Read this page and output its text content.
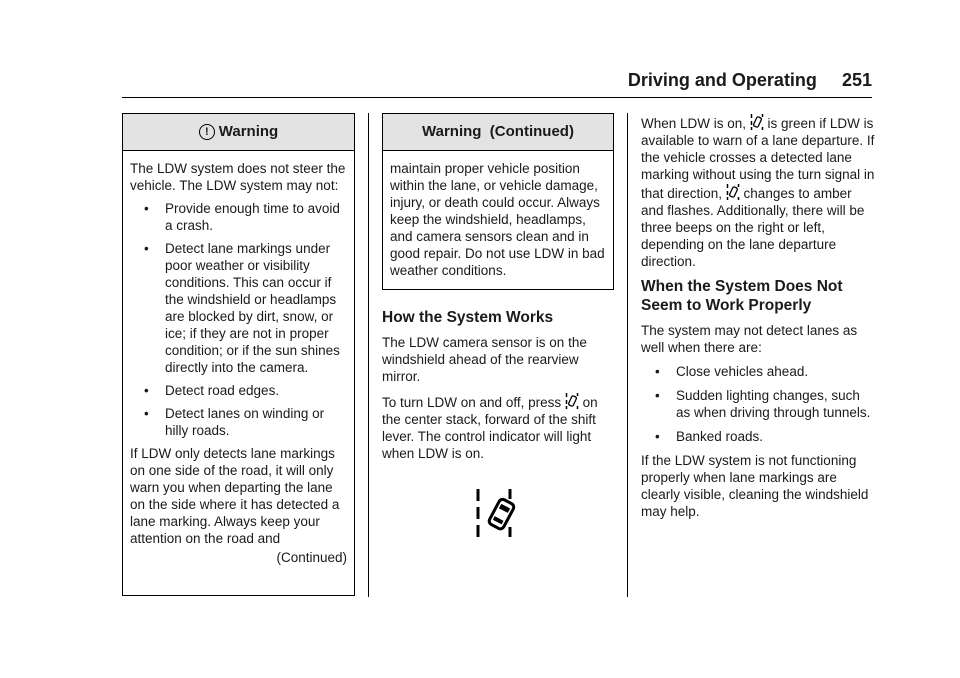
Driving and Operating 251
! Warning

The LDW system does not steer the vehicle. The LDW system may not:

• Provide enough time to avoid a crash.

• Detect lane markings under poor weather or visibility conditions. This can occur if the windshield or headlamps are blocked by dirt, snow, or ice; if they are not in proper condition; or if the sun shines directly into the camera.

• Detect road edges.

• Detect lanes on winding or hilly roads.

If LDW only detects lane markings on one side of the road, it will only warn you when departing the lane on the side where it has detected a lane marking. Always keep your attention on the road and

(Continued)
Warning  (Continued)

maintain proper vehicle position within the lane, or vehicle damage, injury, or death could occur. Always keep the windshield, headlamps, and camera sensors clean and in good repair. Do not use LDW in bad weather conditions.

How the System Works

The LDW camera sensor is on the windshield ahead of the rearview mirror.

To turn LDW on and off, press  on the center stack, forward of the shift lever. The control indicator will light when LDW is on.

When LDW is on,  is green if LDW is available to warn of a lane departure. If the vehicle crosses a detected lane marking without using the turn signal in that direction,  changes to amber and flashes. Additionally, there will be three beeps on the right or left, depending on the lane departure direction.

When the System Does Not Seem to Work Properly

The system may not detect lanes as well when there are:

• Close vehicles ahead.

• Sudden lighting changes, such as when driving through tunnels.

• Banked roads.

If the LDW system is not functioning properly when lane markings are clearly visible, cleaning the windshield may help.
